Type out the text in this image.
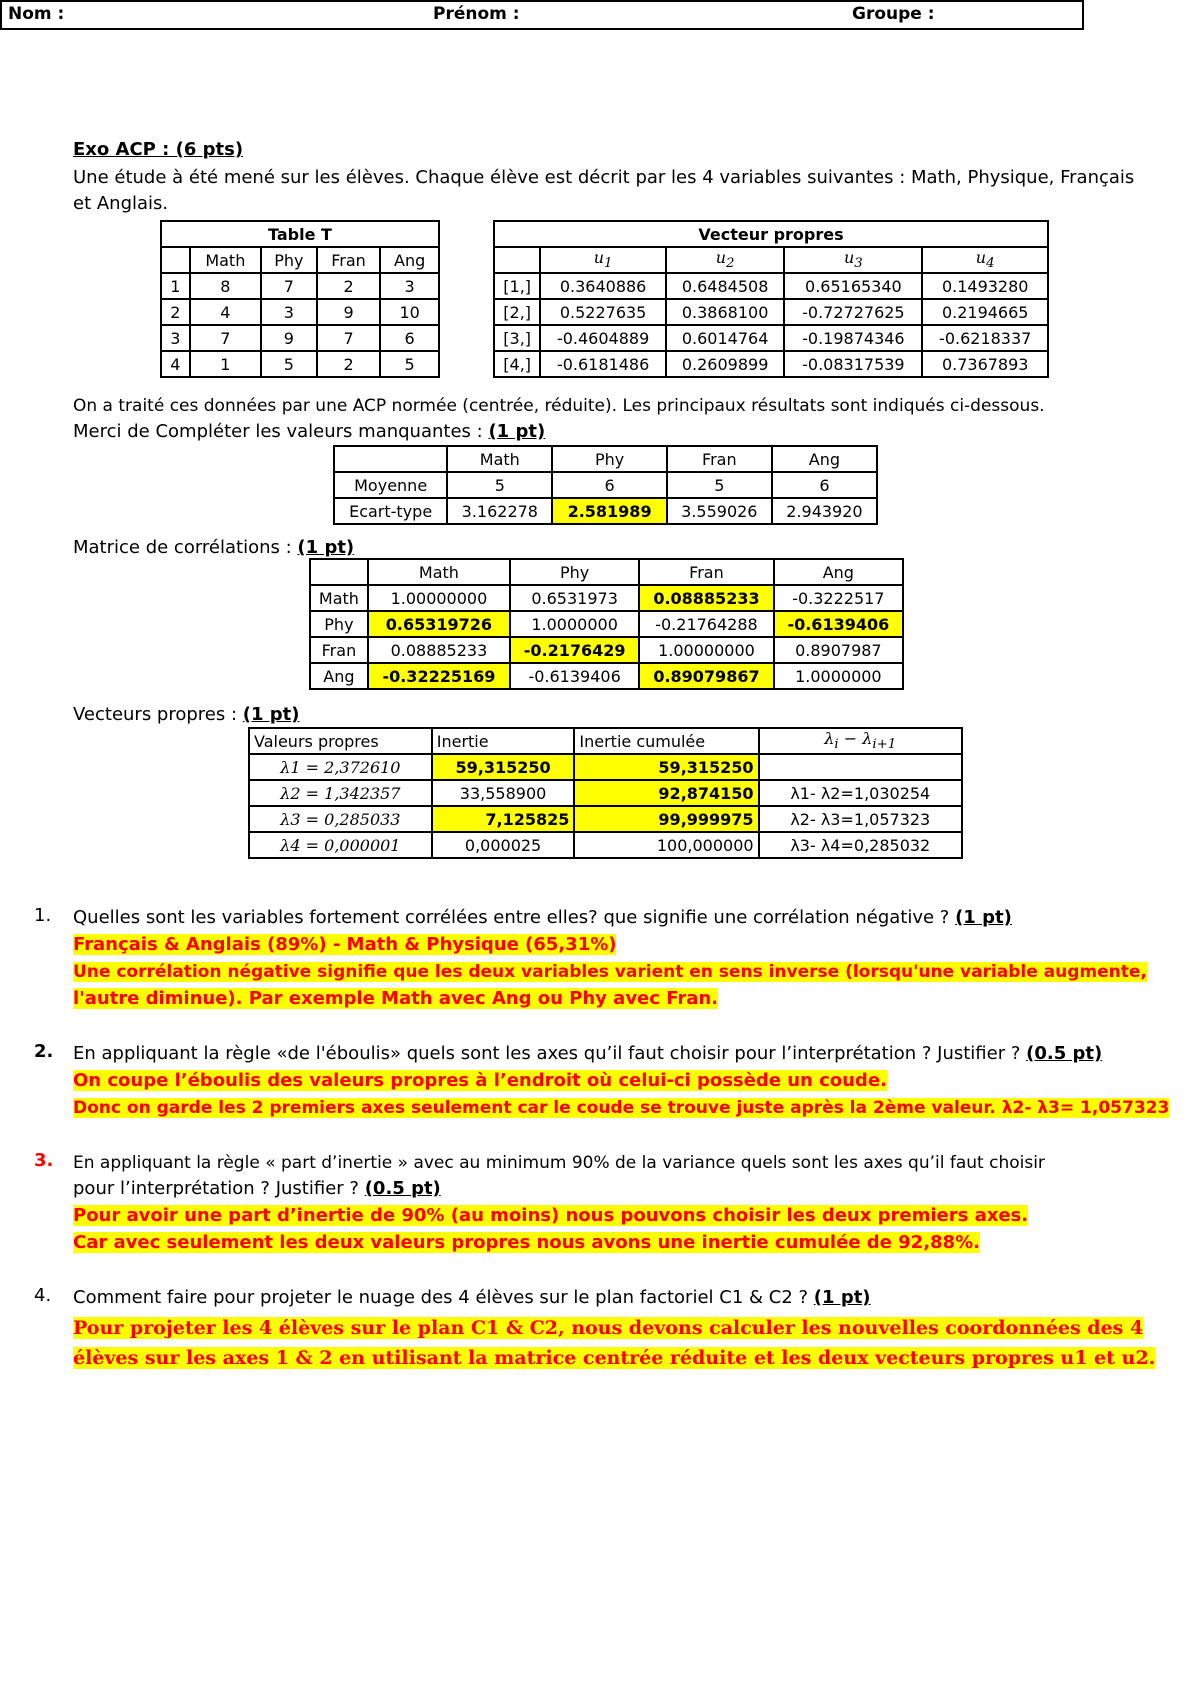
Nom :	Prénom :	Groupe :
Exo ACP : (6 pts)
Une étude à été mené sur les élèves. Chaque élève est décrit par les 4 variables suivantes : Math, Physique, Français
et Anglais.
Table T				
	Math	Phy	Fran	Ang
1	8	7	2	3
2	4	3	9	10
3	7	9	7	6
4	1	5	2	5
Vecteur propres				
	$u_1$	$u_2$	$u_3$	$u_4$
[1,]	0.3640886	0.6484508	0.65165340	0.1493280
[2,]	0.5227635	0.3868100	-0.72727625	0.2194665
[3,]	-0.4604889	0.6014764	-0.19874346	-0.6218337
[4,]	-0.6181486	0.2609899	-0.08317539	0.7367893
On a traité ces données par une ACP normée (centrée, réduite). Les principaux résultats sont indiqués ci-dessous.
Merci de Compléter les valeurs manquantes : (1 pt)
	Math	Phy	Fran	Ang
Moyenne	5	6	5	6
Ecart-type	3.162278	2.581989	3.559026	2.943920
Matrice de corrélations : (1 pt)
	Math	Phy	Fran	Ang
Math	1.00000000	0.6531973	0.08885233	-0.3222517
Phy	0.65319726	1.0000000	-0.21764288	-0.6139406
Fran	0.08885233	-0.2176429	1.00000000	0.8907987
Ang	-0.32225169	-0.6139406	0.89079867	1.0000000
Vecteurs propres : (1 pt)
Valeurs propres	Inertie	Inertie cumulée	$\lambda_i - \lambda_{i+1}$
λ1 = 2,372610	59,315250	59,315250	
λ2 = 1,342357	33,558900	92,874150	λ1- λ2=1,030254
λ3 = 0,285033	7,125825	99,999975	λ2- λ3=1,057323
λ4 = 0,000001	0,000025	100,000000	λ3- λ4=0,285032
1. Quelles sont les variables fortement corrélées entre elles? que signifie une corrélation négative ? (1 pt)
Français & Anglais (89%) - Math & Physique (65,31%)
Une corrélation négative signifie que les deux variables varient en sens inverse (lorsqu'une variable augmente,
l'autre diminue). Par exemple Math avec Ang ou Phy avec Fran.
2. En appliquant la règle «de l'éboulis» quels sont les axes qu’il faut choisir pour l’interprétation ? Justifier ? (0.5 pt)
On coupe l’éboulis des valeurs propres à l’endroit où celui-ci possède un coude.
Donc on garde les 2 premiers axes seulement car le coude se trouve juste après la 2ème valeur. λ2- λ3= 1,057323
3. En appliquant la règle « part d’inertie » avec au minimum 90% de la variance quels sont les axes qu’il faut choisir
pour l’interprétation ? Justifier ? (0.5 pt)
Pour avoir une part d’inertie de 90% (au moins) nous pouvons choisir les deux premiers axes.
Car avec seulement les deux valeurs propres nous avons une inertie cumulée de 92,88%.
4. Comment faire pour projeter le nuage des 4 élèves sur le plan factoriel C1 & C2 ? (1 pt)
Pour projeter les 4 élèves sur le plan C1 & C2, nous devons calculer les nouvelles coordonnées des 4
élèves sur les axes 1 & 2 en utilisant la matrice centrée réduite et les deux vecteurs propres u1 et u2.
